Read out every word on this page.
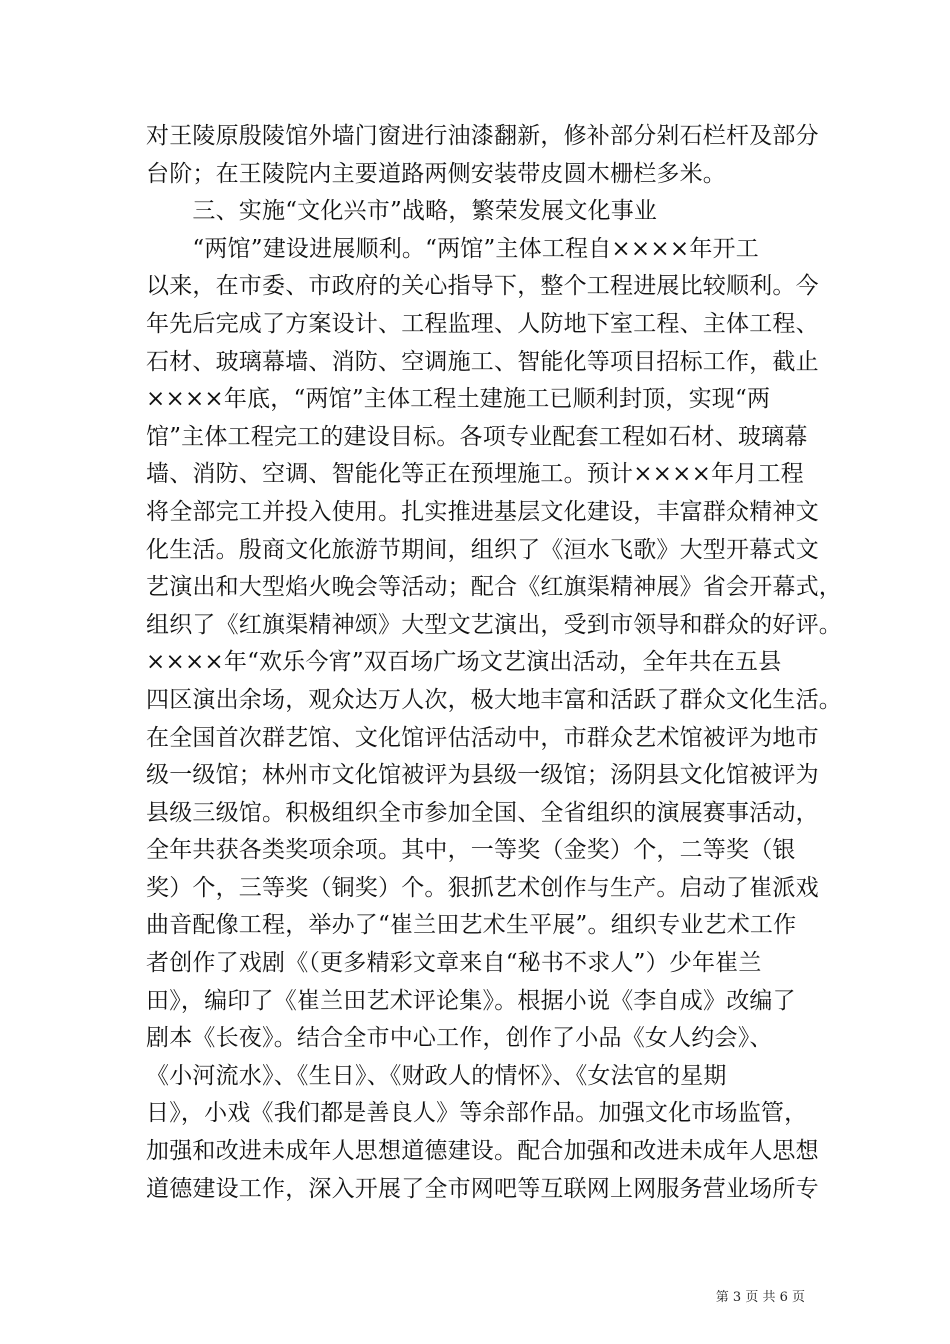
对王陵原殷陵馆外墙门窗进行油漆翻新，修补部分剁石栏杆及部分
台阶；在王陵院内主要道路两侧安装带皮圆木栅栏多米。
　　三、实施“文化兴市”战略，繁荣发展文化事业
　　“两馆”建设进展顺利。“两馆”主体工程自××××年开工
以来，在市委、市政府的关心指导下，整个工程进展比较顺利。今
年先后完成了方案设计、工程监理、人防地下室工程、主体工程、
石材、玻璃幕墙、消防、空调施工、智能化等项目招标工作，截止
××××年底，“两馆”主体工程土建施工已顺利封顶，实现“两
馆”主体工程完工的建设目标。各项专业配套工程如石材、玻璃幕
墙、消防、空调、智能化等正在预埋施工。预计××××年月工程
将全部完工并投入使用。扎实推进基层文化建设，丰富群众精神文
化生活。殷商文化旅游节期间，组织了《洹水飞歌》大型开幕式文
艺演出和大型焰火晚会等活动；配合《红旗渠精神展》省会开幕式，
组织了《红旗渠精神颂》大型文艺演出，受到市领导和群众的好评。
××××年“欢乐今宵”双百场广场文艺演出活动，全年共在五县
四区演出余场，观众达万人次，极大地丰富和活跃了群众文化生活。
在全国首次群艺馆、文化馆评估活动中，市群众艺术馆被评为地市
级一级馆；林州市文化馆被评为县级一级馆；汤阴县文化馆被评为
县级三级馆。积极组织全市参加全国、全省组织的演展赛事活动，
全年共获各类奖项余项。其中，一等奖（金奖）个，二等奖（银
奖）个，三等奖（铜奖）个。狠抓艺术创作与生产。启动了崔派戏
曲音配像工程，举办了“崔兰田艺术生平展”。组织专业艺术工作
者创作了戏剧《（更多精彩文章来自“秘书不求人”）少年崔兰
田》，编印了《崔兰田艺术评论集》。根据小说《李自成》改编了
剧本《长夜》。结合全市中心工作，创作了小品《女人约会》、
《小河流水》、《生日》、《财政人的情怀》、《女法官的星期
日》，小戏《我们都是善良人》等余部作品。加强文化市场监管，
加强和改进未成年人思想道德建设。配合加强和改进未成年人思想
道德建设工作，深入开展了全市网吧等互联网上网服务营业场所专
第 3 页 共 6 页
